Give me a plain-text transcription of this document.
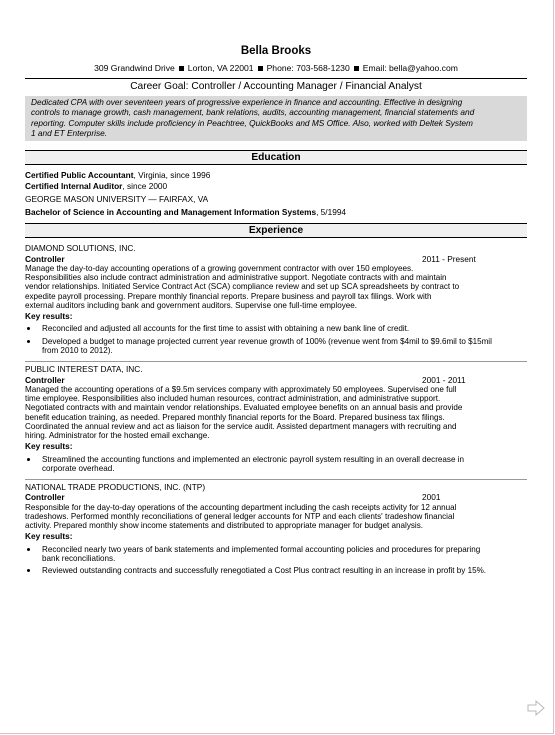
Bella Brooks
309 Grandwind Drive Lorton, VA 22001 Phone: 703-568-1230 Email: bella@yahoo.com
Career Goal: Controller / Accounting Manager / Financial Analyst
Dedicated CPA with over seventeen years of progressive experience in finance and accounting. Effective in designing
controls to manage growth, cash management, bank relations, audits, accounting management, financial statements and
reporting. Computer skills include proficiency in Peachtree, QuickBooks and MS Office. Also, worked with Deltek System
1 and ET Enterprise.
Education
Certified Public Accountant, Virginia, since 1996
Certified Internal Auditor, since 2000
GEORGE MASON UNIVERSITY — FAIRFAX, VA
Bachelor of Science in Accounting and Management Information Systems, 5/1994
Experience
DIAMOND SOLUTIONS, INC.
Controller	2011 - Present
Manage the day-to-day accounting operations of a growing government contractor with over 150 employees.
Responsibilities also include contract administration and administrative support. Negotiate contracts with and maintain
vendor relationships. Initiated Service Contract Act (SCA) compliance review and set up SCA spreadsheets by contract to
expedite payroll processing. Prepare monthly financial reports. Prepare business and payroll tax filings. Work with
external auditors including bank and government auditors. Supervise one full-time employee.
Key results:
Reconciled and adjusted all accounts for the first time to assist with obtaining a new bank line of credit.
Developed a budget to manage projected current year revenue growth of 100% (revenue went from $4mil to $9.6mil to $15mil
from 2010 to 2012).
PUBLIC INTEREST DATA, INC.
Controller	2001 - 2011
Managed the accounting operations of a $9.5m services company with approximately 50 employees. Supervised one full
time employee. Responsibilities also included human resources, contract administration, and administrative support.
Negotiated contracts with and maintain vendor relationships. Evaluated employee benefits on an annual basis and provide
benefit education training, as needed. Prepared monthly financial reports for the Board. Prepared business tax filings.
Coordinated the annual review and act as liaison for the service audit. Assisted department managers with recruiting and
hiring. Administrator for the hosted email exchange.
Key results:
Streamlined the accounting functions and implemented an electronic payroll system resulting in an overall decrease in
corporate overhead.
NATIONAL TRADE PRODUCTIONS, INC. (NTP)
Controller	2001
Responsible for the day-to-day operations of the accounting department including the cash receipts activity for 12 annual
tradeshows. Performed monthly reconciliations of general ledger accounts for NTP and each clients' tradeshow financial
activity. Prepared monthly show income statements and distributed to appropriate manager for budget analysis.
Key results:
Reconciled nearly two years of bank statements and implemented formal accounting policies and procedures for preparing
bank reconciliations.
Reviewed outstanding contracts and successfully renegotiated a Cost Plus contract resulting in an increase in profit by 15%.
